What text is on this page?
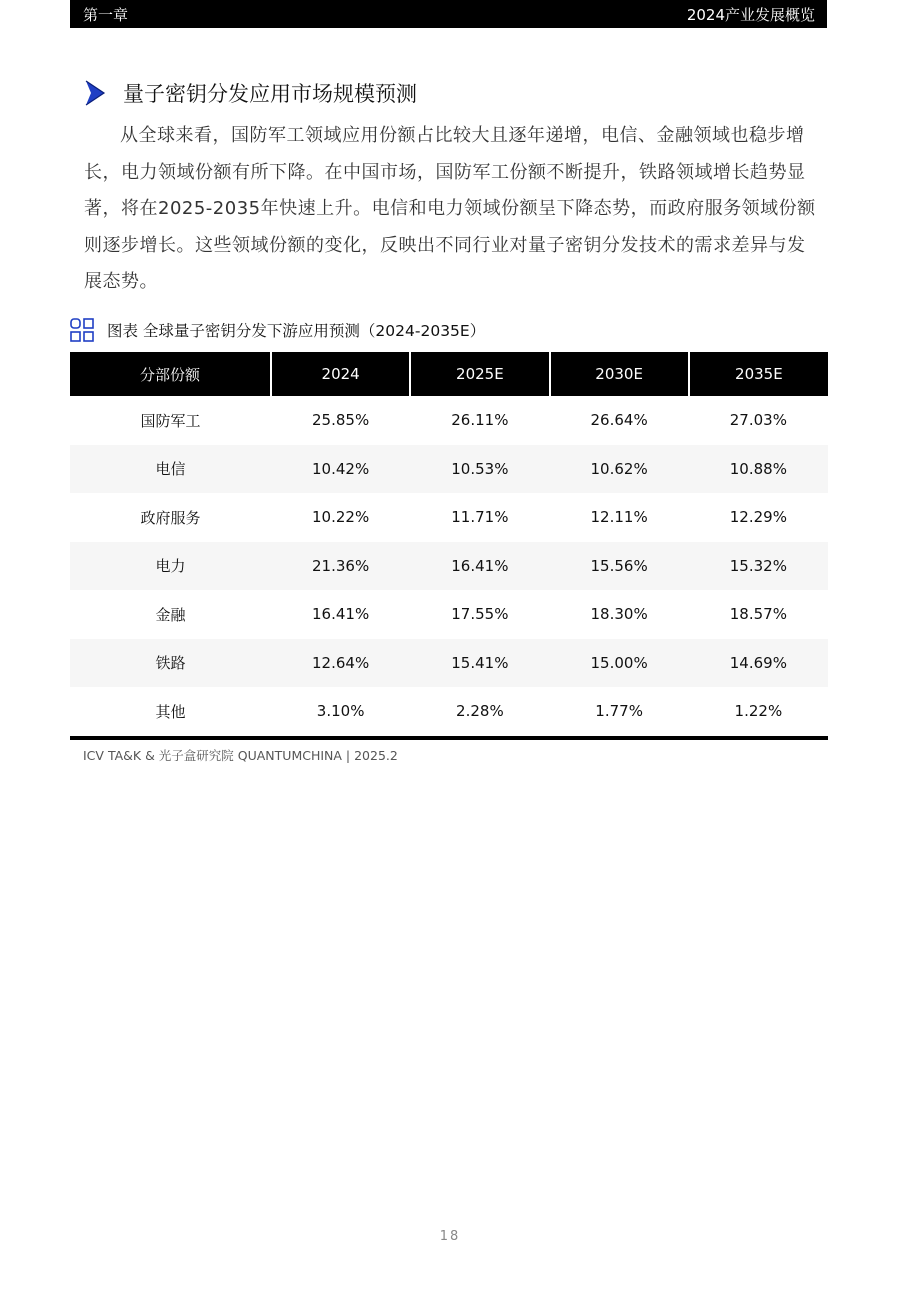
第一章	2024产业发展概览
量子密钥分发应用市场规模预测

从全球来看，国防军工领域应用份额占比较大且逐年递增，电信、金融领域也稳步增长，电力领域份额有所下降。在中国市场，国防军工份额不断提升，铁路领域增长趋势显著，将在2025-2035年快速上升。电信和电力领域份额呈下降态势，而政府服务领域份额则逐步增长。这些领域份额的变化，反映出不同行业对量子密钥分发技术的需求差异与发展态势。

图表 全球量子密钥分发下游应用预测（2024-2035E）
分部份额	2024	2025E	2030E	2035E
国防军工	25.85%	26.11%	26.64%	27.03%
电信	10.42%	10.53%	10.62%	10.88%
政府服务	10.22%	11.71%	12.11%	12.29%
电力	21.36%	16.41%	15.56%	15.32%
金融	16.41%	17.55%	18.30%	18.57%
铁路	12.64%	15.41%	15.00%	14.69%
其他	3.10%	2.28%	1.77%	1.22%
ICV TA&K & 光子盒研究院 QUANTUMCHINA | 2025.2
18
